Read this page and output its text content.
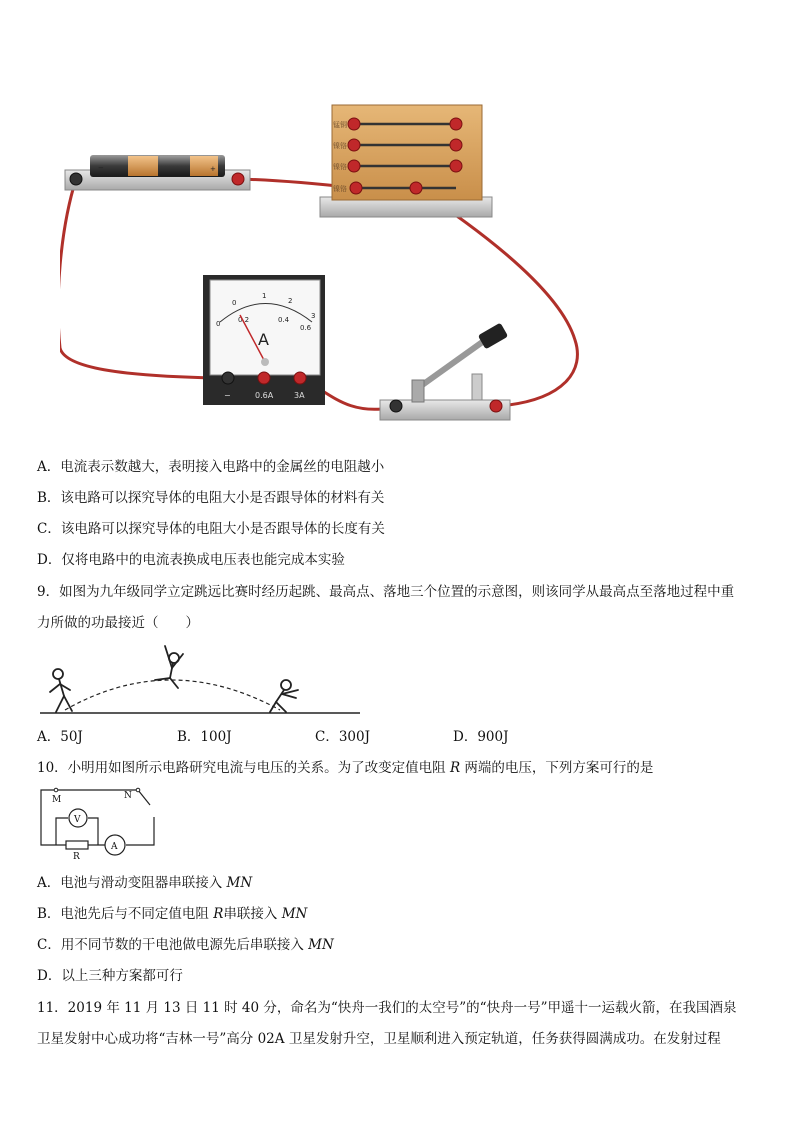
−	+
锰铜
镍铬
镍铬
镍铬
0
1
2
3
0	0.2	0.4
0.6
A
−	0.6A	3A
A．电流表示数越大，表明接入电路中的金属丝的电阻越小
B．该电路可以探究导体的电阻大小是否跟导体的材料有关
C．该电路可以探究导体的电阻大小是否跟导体的长度有关
D．仅将电路中的电流表换成电压表也能完成本实验
9．如图为九年级同学立定跳远比赛时经历起跳、最高点、落地三个位置的示意图，则该同学从最高点至落地过程中重
力所做的功最接近（　　）
A．50J	B．100J	C．300J	D．900J
10．小明用如图所示电路研究电流与电压的关系。为了改变定值电阻 R 两端的电压，下列方案可行的是
M	N
V
A
R
A．电池与滑动变阻器串联接入 MN
B．电池先后与不同定值电阻 R串联接入 MN
C．用不同节数的干电池做电源先后串联接入 MN
D．以上三种方案都可行
11．2019 年 11 月 13 日 11 时 40 分，命名为“快舟一我们的太空号”的“快舟一号”甲遥十一运载火箭，在我国酒泉
卫星发射中心成功将“吉林一号”高分 02A 卫星发射升空，卫星顺利进入预定轨道，任务获得圆满成功。在发射过程
